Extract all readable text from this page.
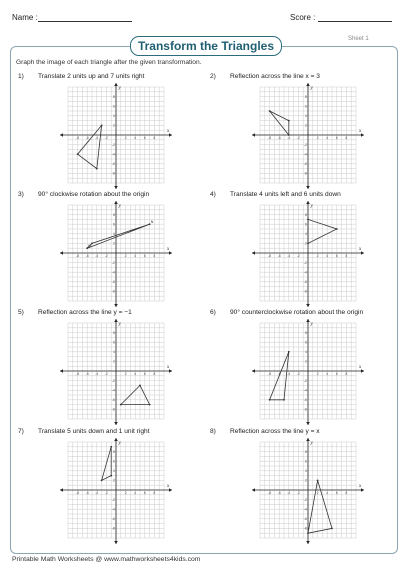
Name :	Score :
Transform the Triangles	Sheet 1
Graph the image of each triangle after the given transformation.
1) Translate 2 units up and 7 units right
x
y
-8
-8
-6
-6
-4
-4
-2
-2
2
2
4
4
6
6
8
8
2) Reflection across the line x = 3
x
y
-8
-8
-6
-6
-4
-4
-2
-2
2
2
4
4
6
6
8
8
3) 90° clockwise rotation about the origin
x
y
-8
-8
-6
-6
-4
-4
-2
-2
2
2
4
4
6
6
8
8
M
N
4) Translate 4 units left and 6 units down
x
y
-8
-8
-6
-6
-4
-4
-2
-2
2
2
4
4
6
6
8
8
5) Reflection across the line y = −1
x
y
-8
-8
-6
-6
-4
-4
-2
-2
2
2
4
4
6
6
8
8
6) 90° counterclockwise rotation about the origin
x
y
-8
-8
-6
-6
-4
-4
-2
-2
2
2
4
4
6
6
8
8
7) Translate 5 units down and 1 unit right
x
y
-8
-8
-6
-6
-4
-4
-2
-2
2
2
4
4
6
6
8
8
8) Reflection across the line y = x
x
y
-8
-8
-6
-6
-4
-4
-2
-2
2
2
4
4
6
6
8
8
Printable Math Worksheets @ www.mathworksheets4kids.com
